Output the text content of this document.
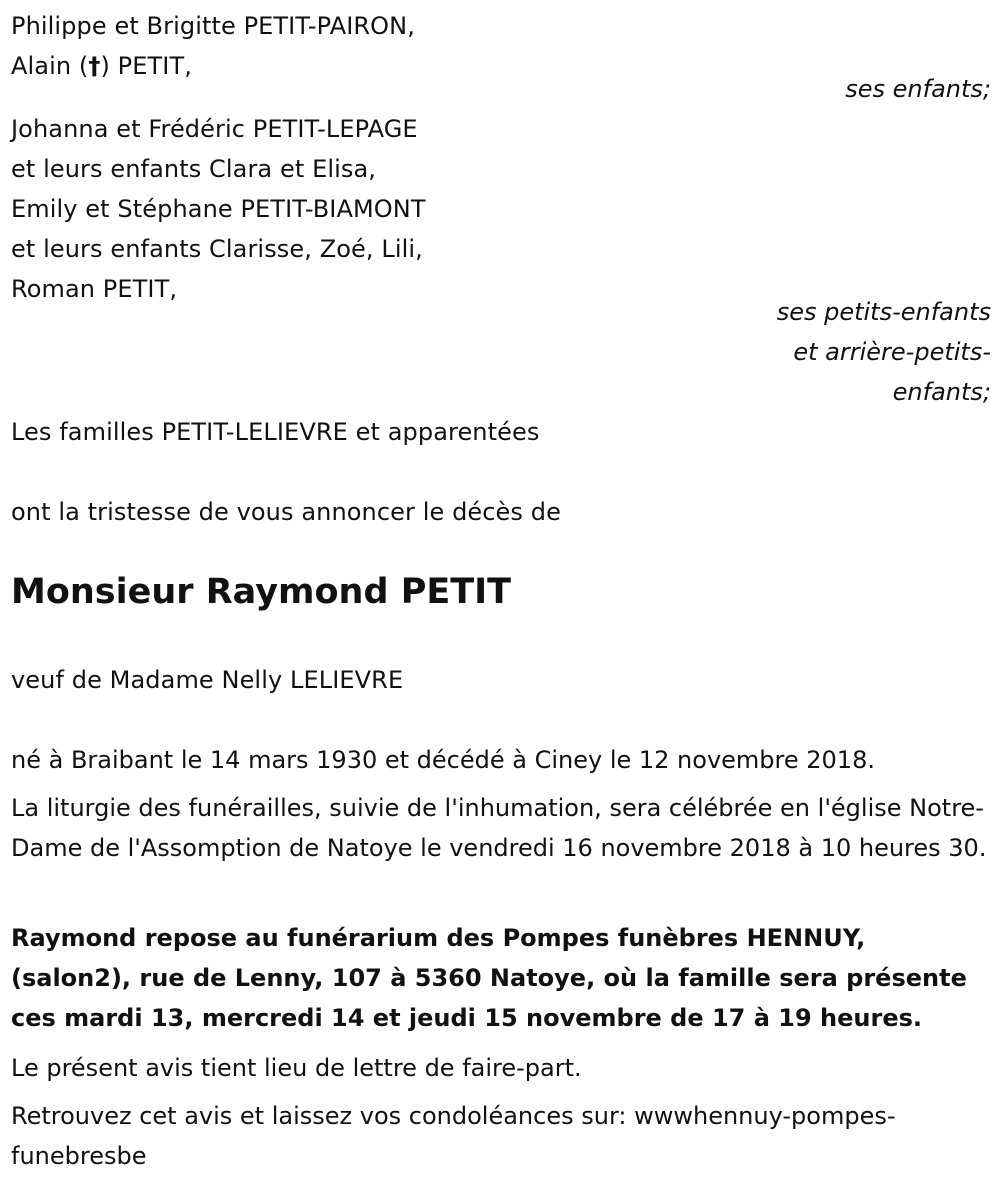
Philippe et Brigitte PETIT-PAIRON,
Alain (†) PETIT,
ses enfants;
Johanna et Frédéric PETIT-LEPAGE
et leurs enfants Clara et Elisa,
Emily et Stéphane PETIT-BIAMONT
et leurs enfants Clarisse, Zoé, Lili,
Roman PETIT,
ses petits-enfants
et arrière-petits-
enfants;
Les familles PETIT-LELIEVRE et apparentées
ont la tristesse de vous annoncer le décès de
Monsieur Raymond PETIT
veuf de Madame Nelly LELIEVRE
né à Braibant le 14 mars 1930 et décédé à Ciney le 12 novembre 2018.
La liturgie des funérailles, suivie de l'inhumation, sera célébrée en l'église Notre-Dame de l'Assomption de Natoye le vendredi 16 novembre 2018 à 10 heures 30.
Raymond repose au funérarium des Pompes funèbres HENNUY, (salon2), rue de Lenny, 107 à 5360 Natoye, où la famille sera présente ces mardi 13, mercredi 14 et jeudi 15 novembre de 17 à 19 heures.
Le présent avis tient lieu de lettre de faire-part.
Retrouvez cet avis et laissez vos condoléances sur: wwwhennuy-pompes-funebresbe
